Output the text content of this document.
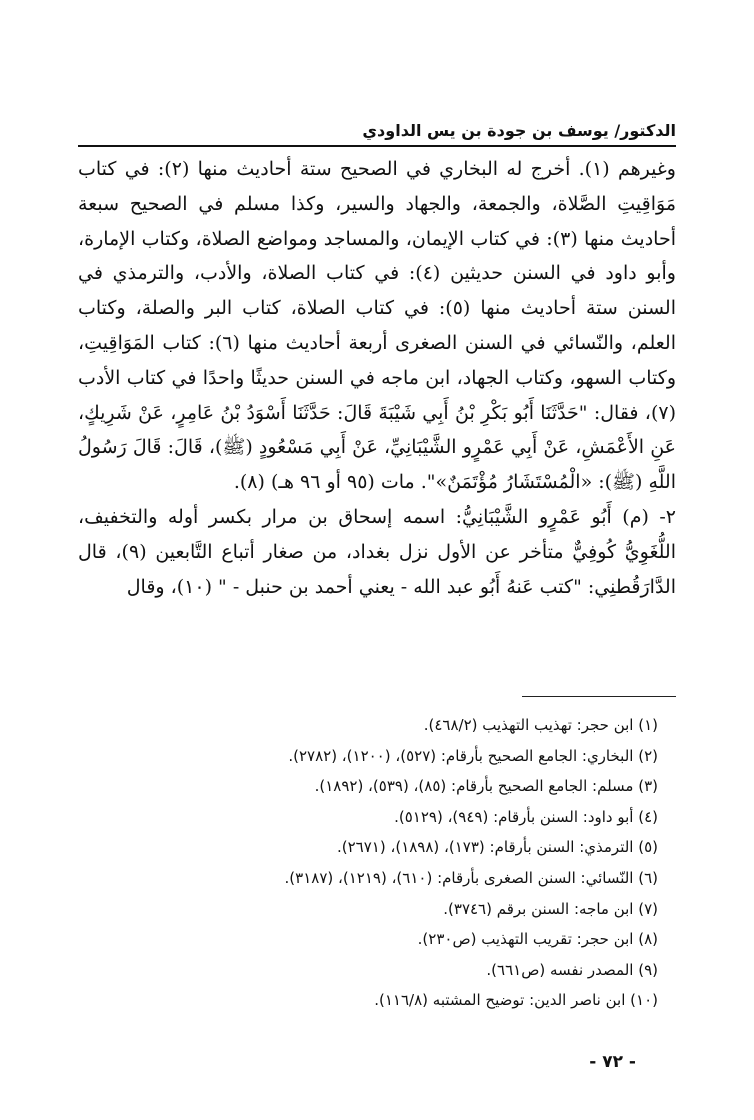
الدكتور/ يوسف بن جودة بن يس الداودي

وغيرهم (١). أخرج له البخاري في الصحيح ستة أحاديث منها (٢): في كتاب مَوَاقِيتِ الصَّلاة، والجمعة، والجهاد والسير، وكذا مسلم في الصحيح سبعة أحاديث منها (٣): في كتاب الإيمان، والمساجد ومواضع الصلاة، وكتاب الإمارة، وأبو داود في السنن حديثين (٤): في كتاب الصلاة، والأدب، والترمذي في السنن ستة أحاديث منها (٥): في كتاب الصلاة، كتاب البر والصلة، وكتاب العلم، والنّسائي في السنن الصغرى أربعة أحاديث منها (٦): كتاب المَوَاقِيتِ، وكتاب السهو، وكتاب الجهاد، ابن ماجه في السنن حديثًا واحدًا في كتاب الأدب (٧)، فقال: "حَدَّثَنَا أَبُو بَكْرِ بْنُ أَبِي شَيْبَةَ قَالَ: حَدَّثَنَا أَسْوَدُ بْنُ عَامِرٍ، عَنْ شَرِيكٍ، عَنِ الأَعْمَشِ، عَنْ أَبِي عَمْرٍو الشَّيْبَانِيِّ، عَنْ أَبِي مَسْعُودٍ (ﷺ)، قَالَ: قَالَ رَسُولُ اللَّهِ (ﷺ): «الْمُسْتَشَارُ مُؤْتَمَنٌ»". مات (٩٥ أو ٩٦ هـ) (٨).

٢- (م) أَبُو عَمْرٍو الشَّيْبَانِيُّ: اسمه إسحاق بن مرار بكسر أوله والتخفيف، اللُّغَوِيُّ كُوفِيٌّ متأخر عن الأول نزل بغداد، من صغار أتباع التَّابعين (٩)، قال الدَّارَقُطنِي: "كتب عَنهُ أَبُو عبد الله - يعني أحمد بن حنبل - " (١٠)، وقال

(١) ابن حجر: تهذيب التهذيب (٤٦٨/٢).
(٢) البخاري: الجامع الصحيح بأرقام: (٥٢٧)، (١٢٠٠)، (٢٧٨٢).
(٣) مسلم: الجامع الصحيح بأرقام: (٨٥)، (٥٣٩)، (١٨٩٢).
(٤) أبو داود: السنن بأرقام: (٩٤٩)، (٥١٢٩).
(٥) الترمذي: السنن بأرقام: (١٧٣)، (١٨٩٨)، (٢٦٧١).
(٦) النّسائي: السنن الصغرى بأرقام: (٦١٠)، (١٢١٩)، (٣١٨٧).
(٧) ابن ماجه: السنن برقم (٣٧٤٦).
(٨) ابن حجر: تقريب التهذيب (ص٢٣٠).
(٩) المصدر نفسه (ص٦٦١).
(١٠) ابن ناصر الدين: توضيح المشتبه (١١٦/٨).
- ٧٢ -
